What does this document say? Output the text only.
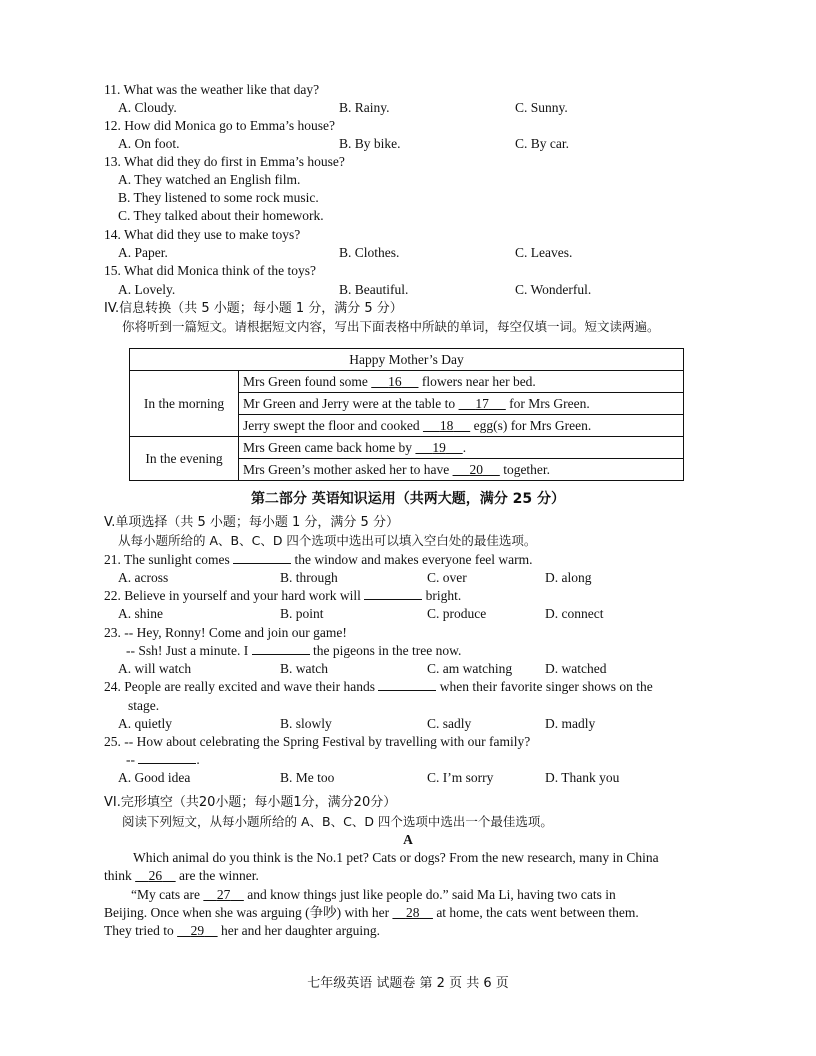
11. What was the weather like that day?
A. Cloudy.	B. Rainy.	C. Sunny.
12. How did Monica go to Emma’s house?
A. On foot.	B. By bike.	C. By car.
13. What did they do first in Emma’s house?
A. They watched an English film.
B. They listened to some rock music.
C. They talked about their homework.
14. What did they use to make toys?
A. Paper.	B. Clothes.	C. Leaves.
15. What did Monica think of the toys?
A. Lovely.	B. Beautiful.	C. Wonderful.
IV.信息转换（共 5 小题；每小题 1 分，满分 5 分）
你将听到一篇短文。请根据短文内容，写出下面表格中所缺的单词，每空仅填一词。短文读两遍。
Happy Mother’s Day	
In the morning	Mrs Green found some      16      flowers near her bed.
	Mr Green and Jerry were at the table to      17      for Mrs Green.
	Jerry swept the floor and cooked      18      egg(s) for Mrs Green.
In the evening	Mrs Green came back home by      19 .
	Mrs Green’s mother asked her to have      20      together.
第二部分 英语知识运用（共两大题，满分 25 分）
V.单项选择（共 5 小题；每小题 1 分，满分 5 分）
从每小题所给的 A、B、C、D 四个选项中选出可以填入空白处的最佳选项。
21. The sunlight comes	the window and makes everyone feel warm.
A. across	B. through	C. over	D. along
22. Believe in yourself and your hard work will	bright.
A. shine	B. point	C. produce	D. connect
23. -- Hey, Ronny! Come and join our game!
-- Ssh! Just a minute. I	the pigeons in the tree now.
A. will watch	B. watch	C. am watching D. watched
24. People are really excited and wave their hands	when their favorite singer shows on the
stage.
A. quietly	B. slowly	C. sadly	D. madly
25. -- How about celebrating the Spring Festival by travelling with our family?
--	.
A. Good idea	B. Me too	C. I’m sorry	D. Thank you
VI.完形填空（共20小题；每小题1分，满分20分）
阅读下列短文，从每小题所给的 A、B、C、D 四个选项中选出一个最佳选项。
A
Which animal do you think is the No.1 pet? Cats or dogs? From the new research, many in China
think     26     are the winner.
“My cats are     27     and know things just like people do.” said Ma Li, having two cats in
Beijing. Once when she was arguing (争吵) with her     28     at home, the cats went between them.
They tried to     29     her and her daughter arguing.
七年级英语 试题卷 第 2 页 共 6 页
